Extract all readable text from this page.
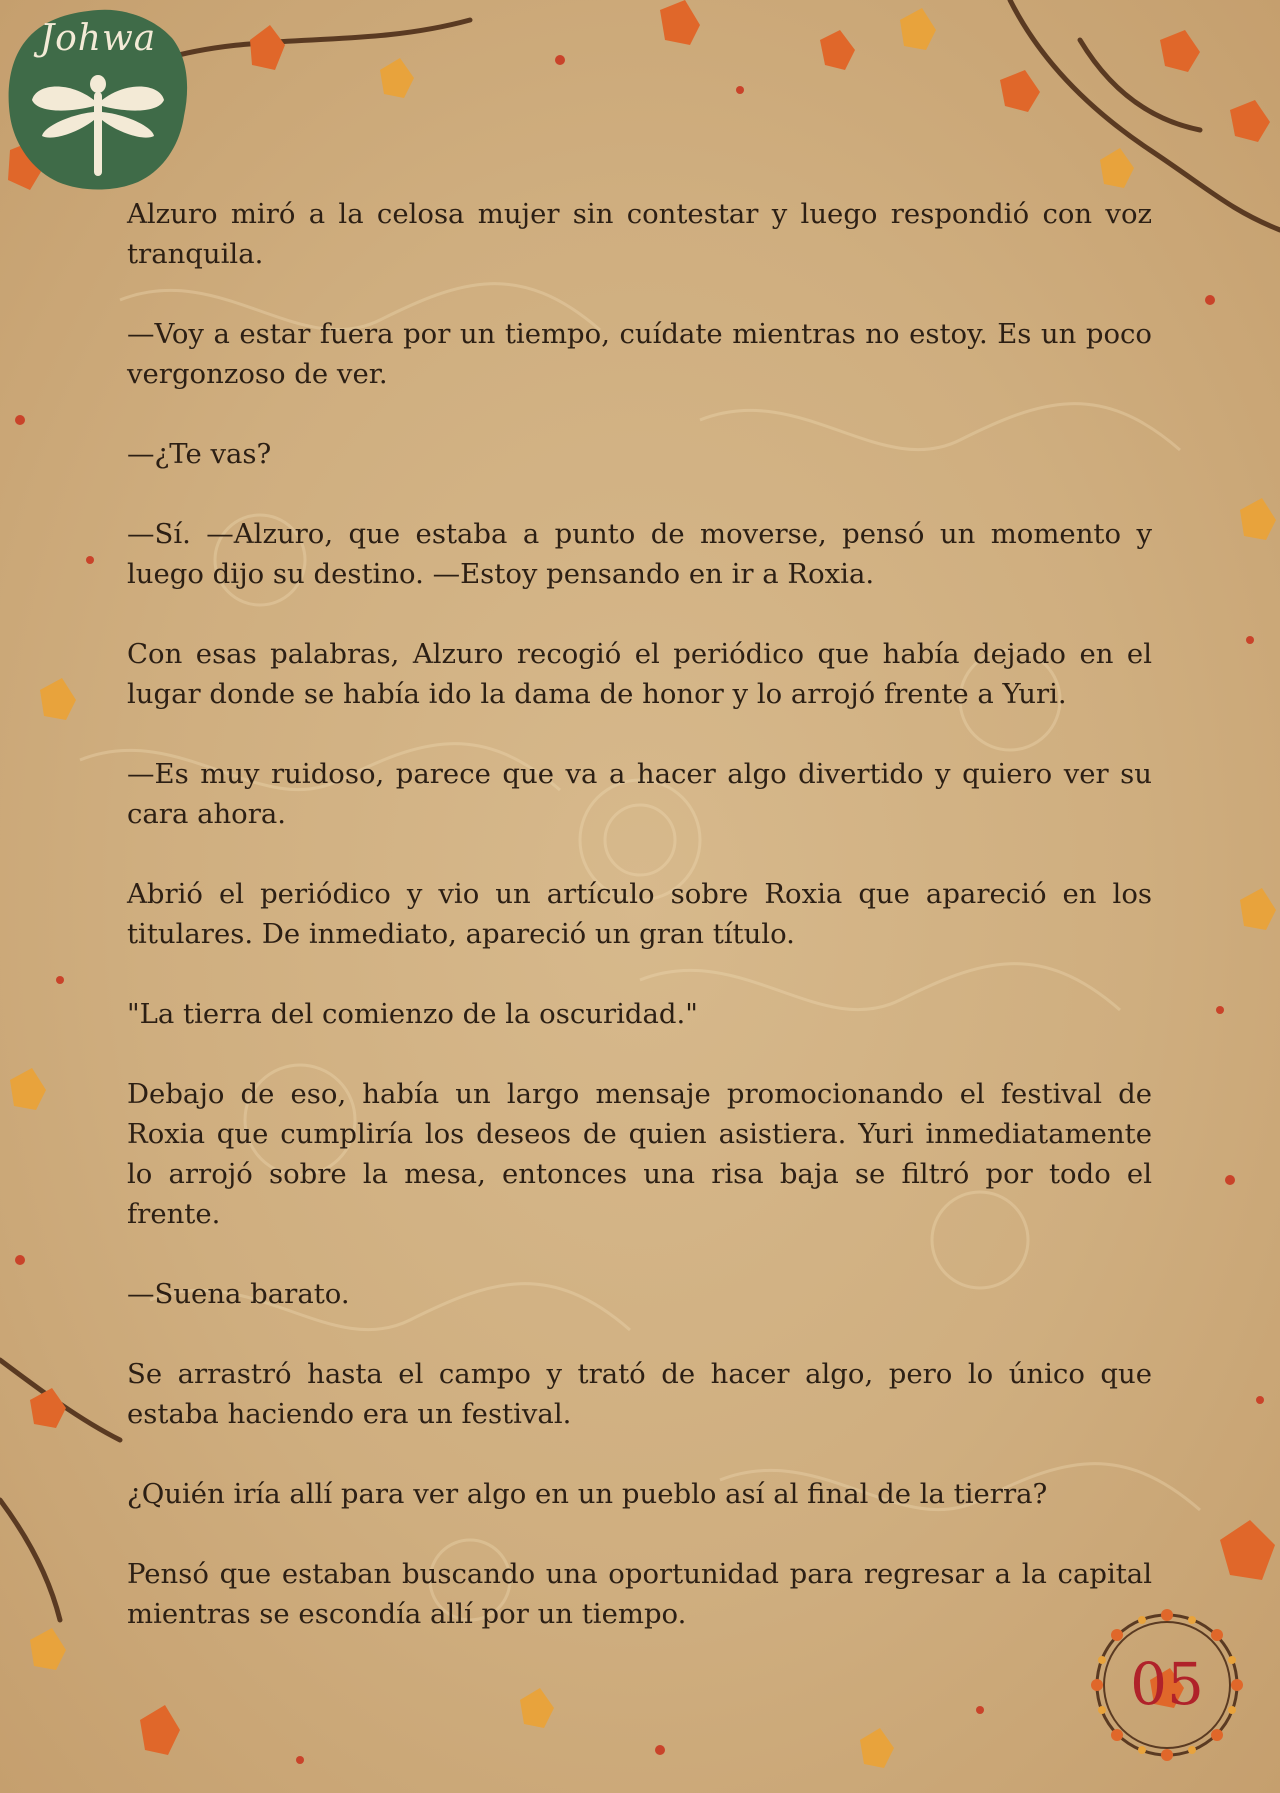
Johwa

Alzuro miró a la celosa mujer sin contestar y luego respondió con voz tranquila.

—Voy a estar fuera por un tiempo, cuídate mientras no estoy. Es un poco vergonzoso de ver.

—¿Te vas?

—Sí. —Alzuro, que estaba a punto de moverse, pensó un momento y luego dijo su destino. —Estoy pensando en ir a Roxia.

Con esas palabras, Alzuro recogió el periódico que había dejado en el lugar donde se había ido la dama de honor y lo arrojó frente a Yuri.

—Es muy ruidoso, parece que va a hacer algo divertido y quiero ver su cara ahora.

Abrió el periódico y vio un artículo sobre Roxia que apareció en los titulares. De inmediato, apareció un gran título.

"La tierra del comienzo de la oscuridad."

Debajo de eso, había un largo mensaje promocionando el festival de Roxia que cumpliría los deseos de quien asistiera. Yuri inmediatamente lo arrojó sobre la mesa, entonces una risa baja se filtró por todo el frente.

—Suena barato.

Se arrastró hasta el campo y trató de hacer algo, pero lo único que estaba haciendo era un festival.

¿Quién iría allí para ver algo en un pueblo así al final de la tierra?

Pensó que estaban buscando una oportunidad para regresar a la capital mientras se escondía allí por un tiempo.

05
